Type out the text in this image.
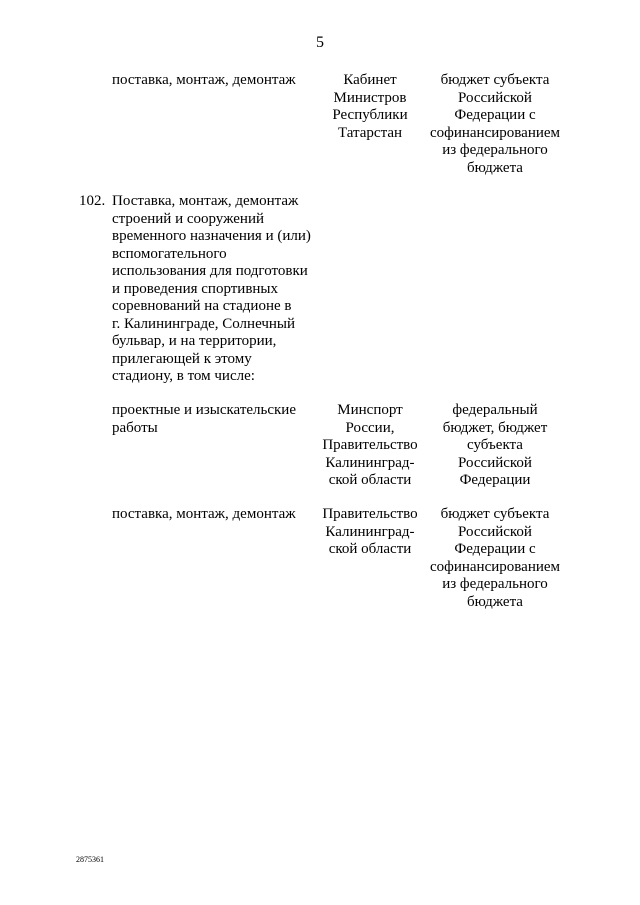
5
поставка, монтаж, демонтаж	Кабинет
Министров
Республики
Татарстан
бюджет субъекта
Российской
Федерации с
софинансированием
из федерального
бюджета
102. Поставка, монтаж, демонтаж
строений и сооружений
временного назначения и (или)
вспомогательного
использования для подготовки
и проведения спортивных
соревнований на стадионе в
г. Калининграде, Солнечный
бульвар, и на территории,
прилегающей к этому
стадиону, в том числе:
проектные и изыскательские
работы
Минспорт
России,
Правительство
Калининград-
ской области
федеральный
бюджет, бюджет
субъекта
Российской
Федерации
поставка, монтаж, демонтаж	Правительство
Калининград-
ской области
бюджет субъекта
Российской
Федерации с
софинансированием
из федерального
бюджета
2875361
